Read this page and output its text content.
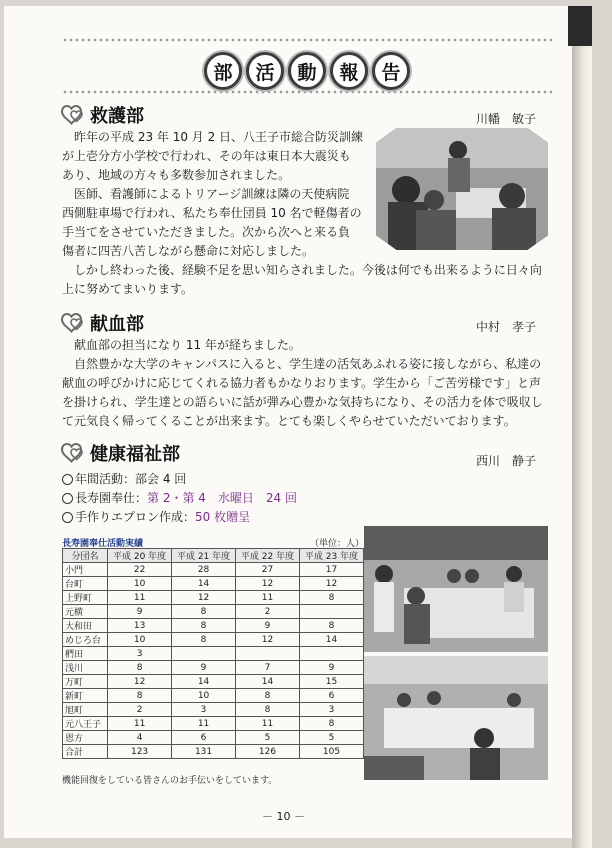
部	活	動	報	告
救護部	川幡　敏子

昨年の平成 23 年 10 月 2 日、八王子市総合防災訓練

が上壱分方小学校で行われ、その年は東日本大震災も

あり、地域の方々も多数参加されました。

医師、看護師によるトリアージ訓練は隣の天使病院

西側駐車場で行われ、私たち奉仕団員 10 名で軽傷者の

手当てをさせていただきました。次から次へと来る負

傷者に四苦八苦しながら懸命に対応しました。

しかし終わった後、経験不足を思い知らされました。今後は何でも出来るように日々向

上に努めてまいります。

献血部	中村　孝子

献血部の担当になり 11 年が経ちました。

自然豊かな大学のキャンパスに入ると、学生達の活気あふれる姿に接しながら、私達の

献血の呼びかけに応じてくれる協力者もかなりおります。学生から「ご苦労様です」と声

を掛けられ、学生達との語らいに話が弾み心豊かな気持ちになり、その活力を体で吸収し

て元気良く帰ってくることが出来ます。とても楽しくやらせていただいております。

健康福祉部	西川　静子
年間活動：部会 4 回
長寿園奉仕： 第 2・第 4　水曜日　24 回
手作りエプロン作成： 50 枚贈呈
長寿園奉仕活動実績	（単位：人）
分団名	平成 20 年度	平成 21 年度	平成 22 年度	平成 23 年度
小門	22	28	27	17
台町	10	14	12	12
上野町	11	12	11	8
元横	9	8	2	
大和田	13	8	9	8
めじろ台	10	8	12	14
椚田	3			
浅川	8	9	7	9
万町	12	14	14	15
新町	8	10	8	6
旭町	2	3	8	3
元八王子	11	11	11	8
恩方	4	6	5	5
合計	123	131	126	105
機能回復をしている皆さんのお手伝いをしています。
－ 10 －
